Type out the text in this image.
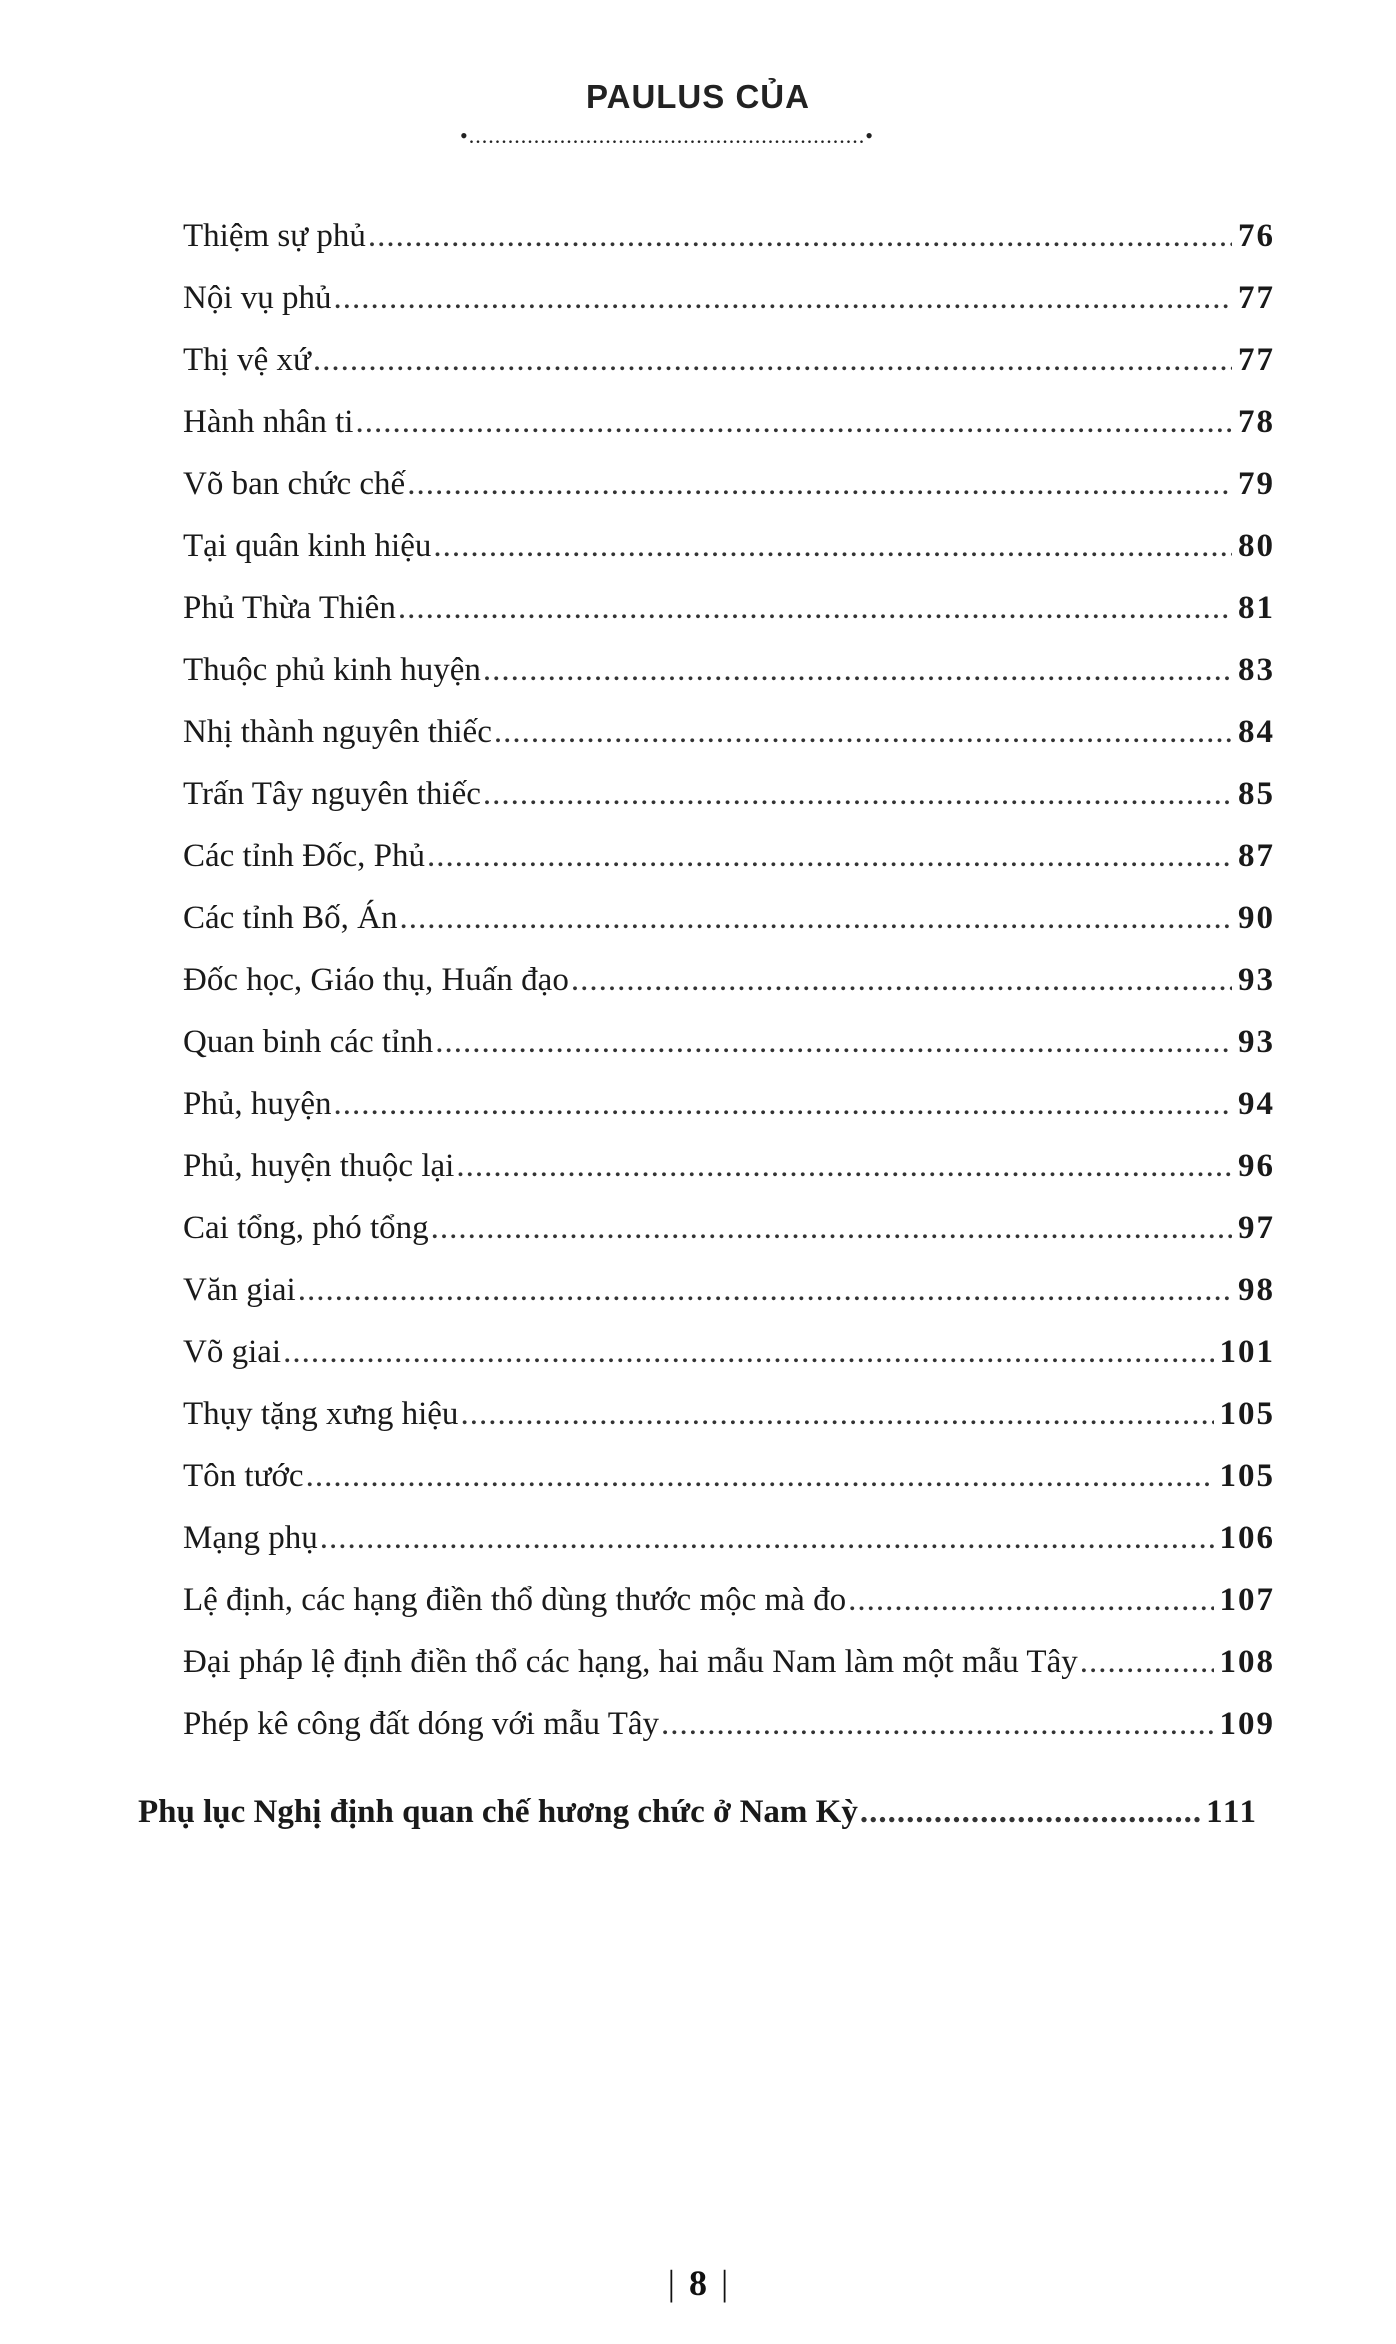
PAULUS CỦA
•.............................................................•
Thiệm sự phủ .....	76
Nội vụ phủ .....	77
Thị vệ xứ .....	77
Hành nhân ti .....	78
Võ ban chức chế .....	79
Tại quân kinh hiệu .....	80
Phủ Thừa Thiên .....	81
Thuộc phủ kinh huyện .....	83
Nhị thành nguyên thiếc .....	84
Trấn Tây nguyên thiếc .....	85
Các tỉnh Đốc, Phủ .....	87
Các tỉnh Bố, Án .....	90
Đốc học, Giáo thụ, Huấn đạo .....	93
Quan binh các tỉnh .....	93
Phủ, huyện .....	94
Phủ, huyện thuộc lại .....	96
Cai tổng, phó tổng .....	97
Văn giai .....	98
Võ giai .....	101
Thụy tặng xưng hiệu .....	105
Tôn tước .....	105
Mạng phụ .....	106
Lệ định, các hạng điền thổ dùng thước mộc mà đo .....	107
Đại pháp lệ định điền thổ các hạng, hai mẫu Nam làm một mẫu Tây .....	108
Phép kê công đất dóng với mẫu Tây .....	109
Phụ lục Nghị định quan chế hương chức ở Nam Kỳ .....	111
| 8 |
